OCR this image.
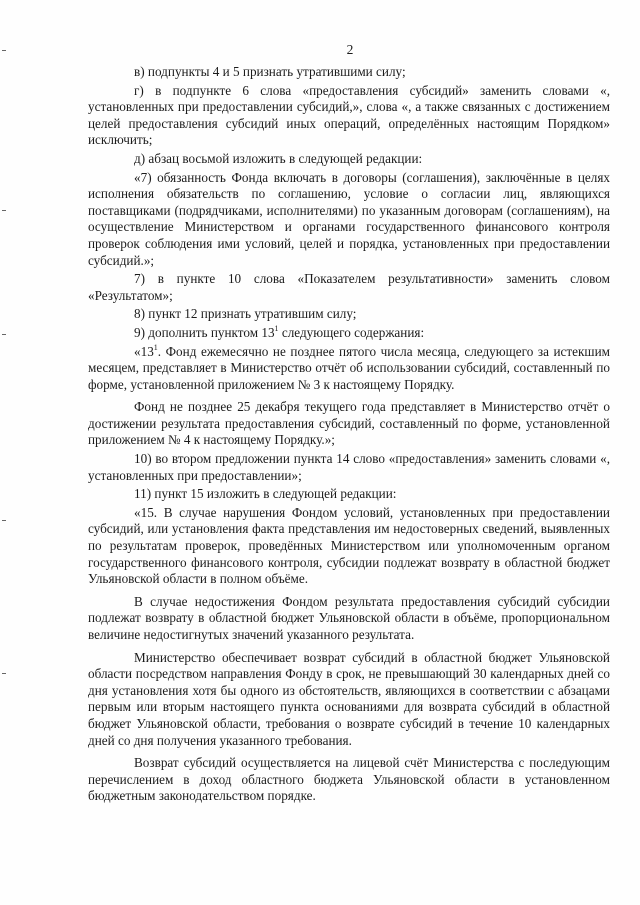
2

в) подпункты 4 и 5 признать утратившими силу;

г) в подпункте 6 слова «предоставления субсидий» заменить словами «, установленных при предоставлении субсидий,», слова «, а также связанных с достижением целей предоставления субсидий иных операций, определённых настоящим Порядком» исключить;

д) абзац восьмой изложить в следующей редакции:

«7) обязанность Фонда включать в договоры (соглашения), заключённые в целях исполнения обязательств по соглашению, условие о согласии лиц, являющихся поставщиками (подрядчиками, исполнителями) по указанным договорам (соглашениям), на осуществление Министерством и органами государственного финансового контроля проверок соблюдения ими условий, целей и порядка, установленных при предоставлении субсидий.»;

7) в пункте 10 слова «Показателем результативности» заменить словом «Результатом»;

8) пункт 12 признать утратившим силу;

9) дополнить пунктом $13^1$ следующего содержания:

«$13^1$. Фонд ежемесячно не позднее пятого числа месяца, следующего за истекшим месяцем, представляет в Министерство отчёт об использовании субсидий, составленный по форме, установленной приложением № 3 к настоящему Порядку.

Фонд не позднее 25 декабря текущего года представляет в Министерство отчёт о достижении результата предоставления субсидий, составленный по форме, установленной приложением № 4 к настоящему Порядку.»;

10) во втором предложении пункта 14 слово «предоставления» заменить словами «, установленных при предоставлении»;

11) пункт 15 изложить в следующей редакции:

«15. В случае нарушения Фондом условий, установленных при предоставлении субсидий, или установления факта представления им недостоверных сведений, выявленных по результатам проверок, проведённых Министерством или уполномоченным органом государственного финансового контроля, субсидии подлежат возврату в областной бюджет Ульяновской области в полном объёме.

В случае недостижения Фондом результата предоставления субсидий субсидии подлежат возврату в областной бюджет Ульяновской области в объёме, пропорциональном величине недостигнутых значений указанного результата.

Министерство обеспечивает возврат субсидий в областной бюджет Ульяновской области посредством направления Фонду в срок, не превышающий 30 календарных дней со дня установления хотя бы одного из обстоятельств, являющихся в соответствии с абзацами первым или вторым настоящего пункта основаниями для возврата субсидий в областной бюджет Ульяновской области, требования о возврате субсидий в течение 10 календарных дней со дня получения указанного требования.

Возврат субсидий осуществляется на лицевой счёт Министерства с последующим перечислением в доход областного бюджета Ульяновской области в установленном бюджетным законодательством порядке.
